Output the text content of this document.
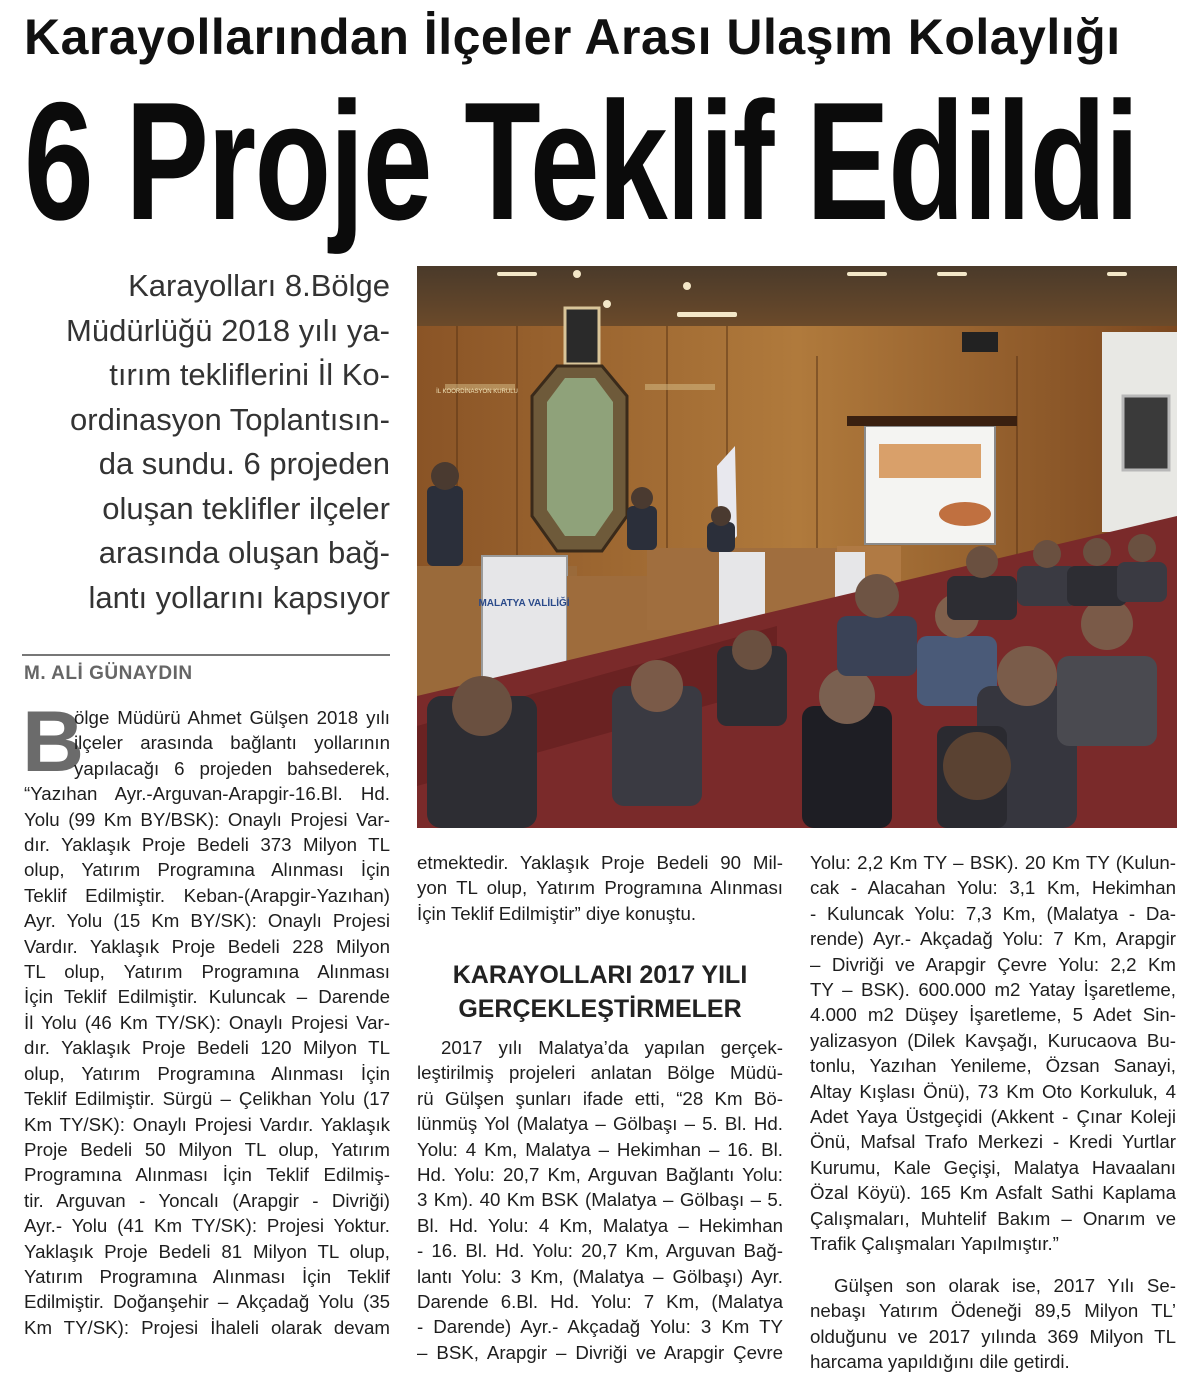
Karayollarından İlçeler Arası Ulaşım Kolaylığı
6 Proje Teklif Edildi
Karayolları 8.Bölge
Müdürlüğü 2018 yılı ya-
tırım tekliflerini İl Ko-
ordinasyon Toplantısın-
da sundu. 6 projeden
oluşan teklifler ilçeler
arasında oluşan bağ-
lantı yollarını kapsıyor
M. ALİ GÜNAYDIN
MALATYA VALİLİĞİ
İL KOORDİNASYON KURULU
B
ölge Müdürü Ahmet Gülşen 2018 yılı
ilçeler arasında bağlantı yollarının
yapılacağı 6 projeden bahsederek,
“Yazıhan Ayr.-Arguvan-Arapgir-16.Bl. Hd.
Yolu (99 Km BY/BSK): Onaylı Projesi Var-
dır. Yaklaşık Proje Bedeli 373 Milyon TL
olup, Yatırım Programına Alınması İçin
Teklif Edilmiştir. Keban-(Arapgir-Yazıhan)
Ayr. Yolu (15 Km BY/SK): Onaylı Projesi
Vardır. Yaklaşık Proje Bedeli 228 Milyon
TL olup, Yatırım Programına Alınması
İçin Teklif Edilmiştir. Kuluncak – Darende
İl Yolu (46 Km TY/SK): Onaylı Projesi Var-
dır. Yaklaşık Proje Bedeli 120 Milyon TL
olup, Yatırım Programına Alınması İçin
Teklif Edilmiştir. Sürgü – Çelikhan Yolu (17
Km TY/SK): Onaylı Projesi Vardır. Yaklaşık
Proje Bedeli 50 Milyon TL olup, Yatırım
Programına Alınması İçin Teklif Edilmiş-
tir. Arguvan - Yoncalı (Arapgir - Divriği)
Ayr.- Yolu (41 Km TY/SK): Projesi Yoktur.
Yaklaşık Proje Bedeli 81 Milyon TL olup,
Yatırım Programına Alınması İçin Teklif
Edilmiştir. Doğanşehir – Akçadağ Yolu (35
Km TY/SK): Projesi İhaleli olarak devam
etmektedir. Yaklaşık Proje Bedeli 90 Mil-
yon TL olup, Yatırım Programına Alınması
İçin Teklif Edilmiştir” diye konuştu.
KARAYOLLARI 2017 YILI
GERÇEKLEŞTİRMELER
2017 yılı Malatya’da yapılan gerçek-
leştirilmiş projeleri anlatan Bölge Müdü-
rü Gülşen şunları ifade etti, “28 Km Bö-
lünmüş Yol (Malatya – Gölbaşı – 5. Bl. Hd.
Yolu: 4 Km, Malatya – Hekimhan – 16. Bl.
Hd. Yolu: 20,7 Km, Arguvan Bağlantı Yolu:
3 Km). 40 Km BSK (Malatya – Gölbaşı – 5.
Bl. Hd. Yolu: 4 Km, Malatya – Hekimhan
- 16. Bl. Hd. Yolu: 20,7 Km, Arguvan Bağ-
lantı Yolu: 3 Km, (Malatya – Gölbaşı) Ayr.
Darende 6.Bl. Hd. Yolu: 7 Km, (Malatya
- Darende) Ayr.- Akçadağ Yolu: 3 Km TY
– BSK, Arapgir – Divriği ve Arapgir Çevre
Yolu: 2,2 Km TY – BSK). 20 Km TY (Kulun-
cak - Alacahan Yolu: 3,1 Km, Hekimhan
- Kuluncak Yolu: 7,3 Km, (Malatya - Da-
rende) Ayr.- Akçadağ Yolu: 7 Km, Arapgir
– Divriği ve Arapgir Çevre Yolu: 2,2 Km
TY – BSK). 600.000 m2 Yatay İşaretleme,
4.000 m2 Düşey İşaretleme, 5 Adet Sin-
yalizasyon (Dilek Kavşağı, Kurucaova Bu-
tonlu, Yazıhan Yenileme, Özsan Sanayi,
Altay Kışlası Önü), 73 Km Oto Korkuluk, 4
Adet Yaya Üstgeçidi (Akkent - Çınar Koleji
Önü, Mafsal Trafo Merkezi - Kredi Yurtlar
Kurumu, Kale Geçişi, Malatya Havaalanı
Özal Köyü). 165 Km Asfalt Sathi Kaplama
Çalışmaları, Muhtelif Bakım – Onarım ve
Trafik Çalışmaları Yapılmıştır.”
Gülşen son olarak ise, 2017 Yılı Se-
nebaşı Yatırım Ödeneği 89,5 Milyon TL’
olduğunu ve 2017 yılında 369 Milyon TL
harcama yapıldığını dile getirdi.
